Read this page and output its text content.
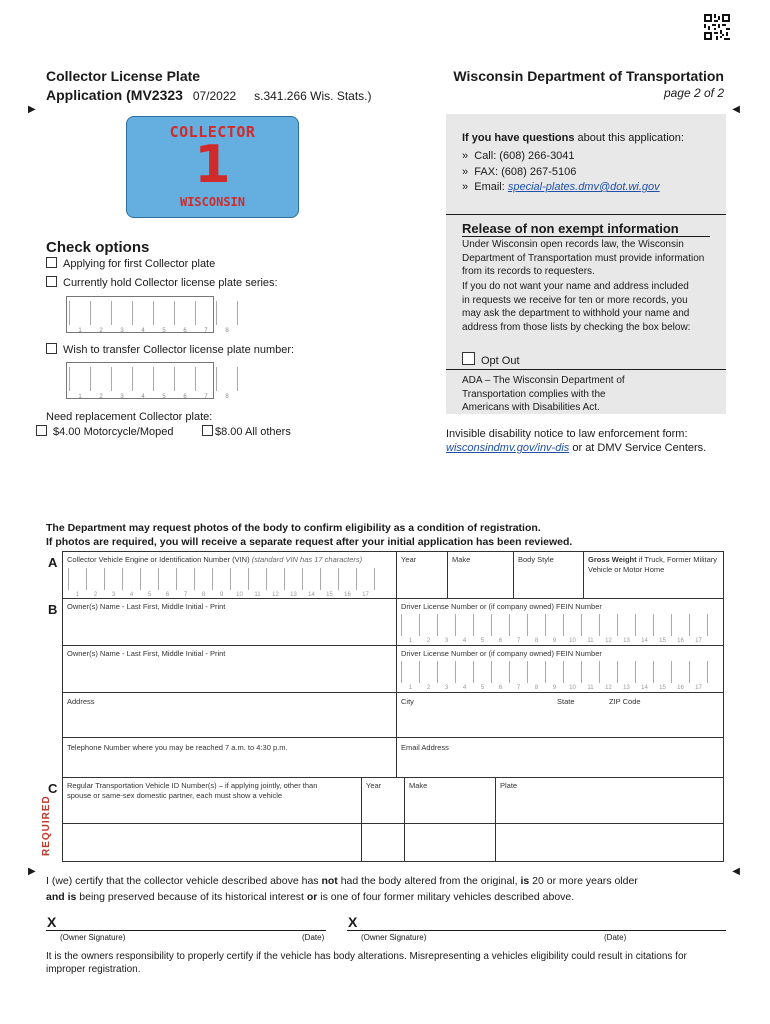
Collector License Plate
Application (MV2323 07/2022 s.341.266 Wis. Stats.)
▶
Wisconsin Department of Transportation
page 2 of 2
◀
COLLECTOR
1
WISCONSIN
If you have questions about this application:
» Call: (608) 266-3041
» FAX: (608) 267-5106
» Email: special-plates.dmv@dot.wi.gov
Release of non exempt information
Under Wisconsin open records law, the Wisconsin Department of Transportation must provide information from its records to requesters.
If you do not want your name and address included in requests we receive for ten or more records, you may ask the department to withhold your name and address from those lists by checking the box below:
Opt Out
ADA – The Wisconsin Department of Transportation complies with the Americans with Disabilities Act.
Invisible disability notice to law enforcement form:
wisconsindmv.gov/inv-dis or at DMV Service Centers.
Check options
Applying for first Collector plate
Currently hold Collector license plate series:
1	2	3	4	5	6	7	8
Wish to transfer Collector license plate number:
1	2	3	4	5	6	7	8
Need replacement Collector plate:
$4.00 Motorcycle/Moped	$8.00 All others
The Department may request photos of the body to confirm eligibility as a condition of registration.
If photos are required, you will receive a separate request after your initial application has been reviewed.
A Collector Vehicle Engine or Identification Number (VIN) (standard VIN has 17 characters)
1	2	3	4	5	6	7	8	9	10	11	12	13	14	15	16	17
Year	Make	Body Style	Gross Weight if Truck, Former Military Vehicle or Motor Home
B Owner(s) Name - Last First, Middle Initial - Print	Driver License Number or (if company owned) FEIN Number
1	2	3	4	5	6	7	8	9	10	11	12	13	14	15	16	17
Owner(s) Name - Last First, Middle Initial - Print	Driver License Number or (if company owned) FEIN Number
1	2	3	4	5	6	7	8	9	10	11	12	13	14	15	16	17
Address	City	State	ZIP Code
Telephone Number where you may be reached 7 a.m. to 4:30 p.m.	Email Address
C
REQUIRED
Regular Transportation Vehicle ID Number(s) – if applying jointly, other than spouse or same-sex domestic partner, each must show a vehicle
Year	Make	Plate
▶	◀
I (we) certify that the collector vehicle described above has not had the body altered from the original, is 20 or more years older
and is being preserved because of its historical interest or is one of four former military vehicles described above.
X
(Owner Signature)	(Date)
X
(Owner Signature)	(Date)
It is the owners responsibility to properly certify if the vehicle has body alterations. Misrepresenting a vehicles eligibility could result in citations for improper registration.
